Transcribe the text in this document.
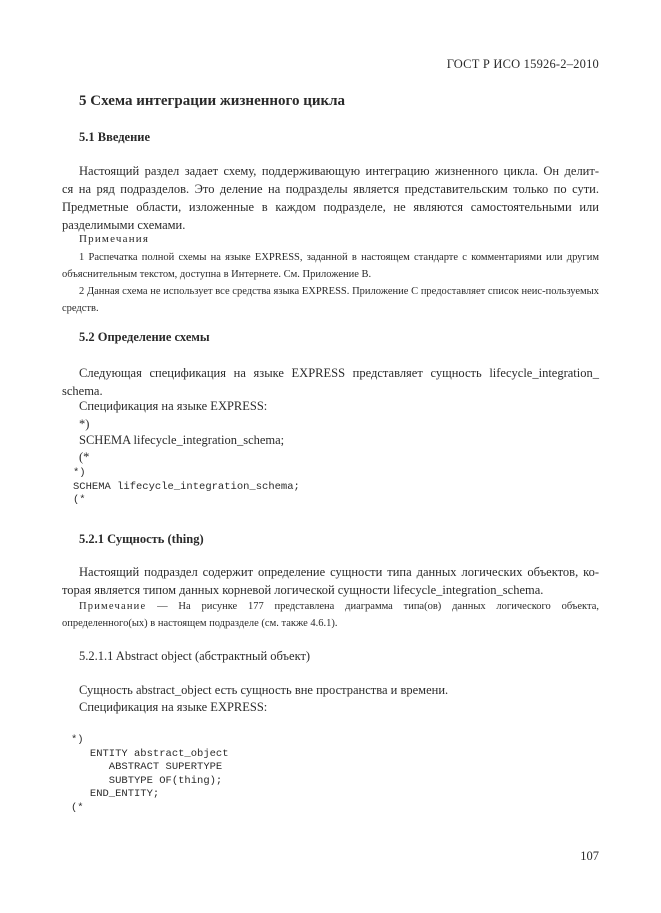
ГОСТ Р ИСО 15926-2–2010
5 Схема интеграции жизненного цикла
5.1 Введение

Настоящий раздел задает схему, поддерживающую интеграцию жизненного цикла. Он делит-

ся на ряд подразделов. Это деление на подразделы является представительским только по сути.

Предметные области, изложенные в каждом подразделе, не являются самостоятельными или

разделимыми схемами.

Примечания

1 Распечатка полной схемы на языке EXPRESS, заданной в настоящем стандарте с комментариями или другим объяснительным текстом, доступна в Интернете. См. Приложение В.

2 Данная схема не использует все средства языка EXPRESS. Приложение С предоставляет список неис-пользуемых средств.

5.2 Определение схемы

Следующая спецификация на языке EXPRESS представляет сущность lifecycle_integration_

schema.

Спецификация на языке EXPRESS:
*)
SCHEMA lifecycle_integration_schema;
(*
*)
SCHEMA lifecycle_integration_schema;
(*
5.2.1 Сущность (thing)

Настоящий подраздел содержит определение сущности типа данных логических объектов, ко-

торая является типом данных корневой логической сущности lifecycle_integration_schema.

Примечание — На рисунке 177 представлена диаграмма типа(ов) данных логического объекта, определенного(ых) в настоящем подразделе (см. также 4.6.1).

5.2.1.1 Abstract object (абстрактный объект)
Сущность abstract_object есть сущность вне пространства и времени.
Спецификация на языке EXPRESS:
*)
ENTITY abstract_object
ABSTRACT SUPERTYPE
SUBTYPE OF(thing);
END_ENTITY;
(*
107
